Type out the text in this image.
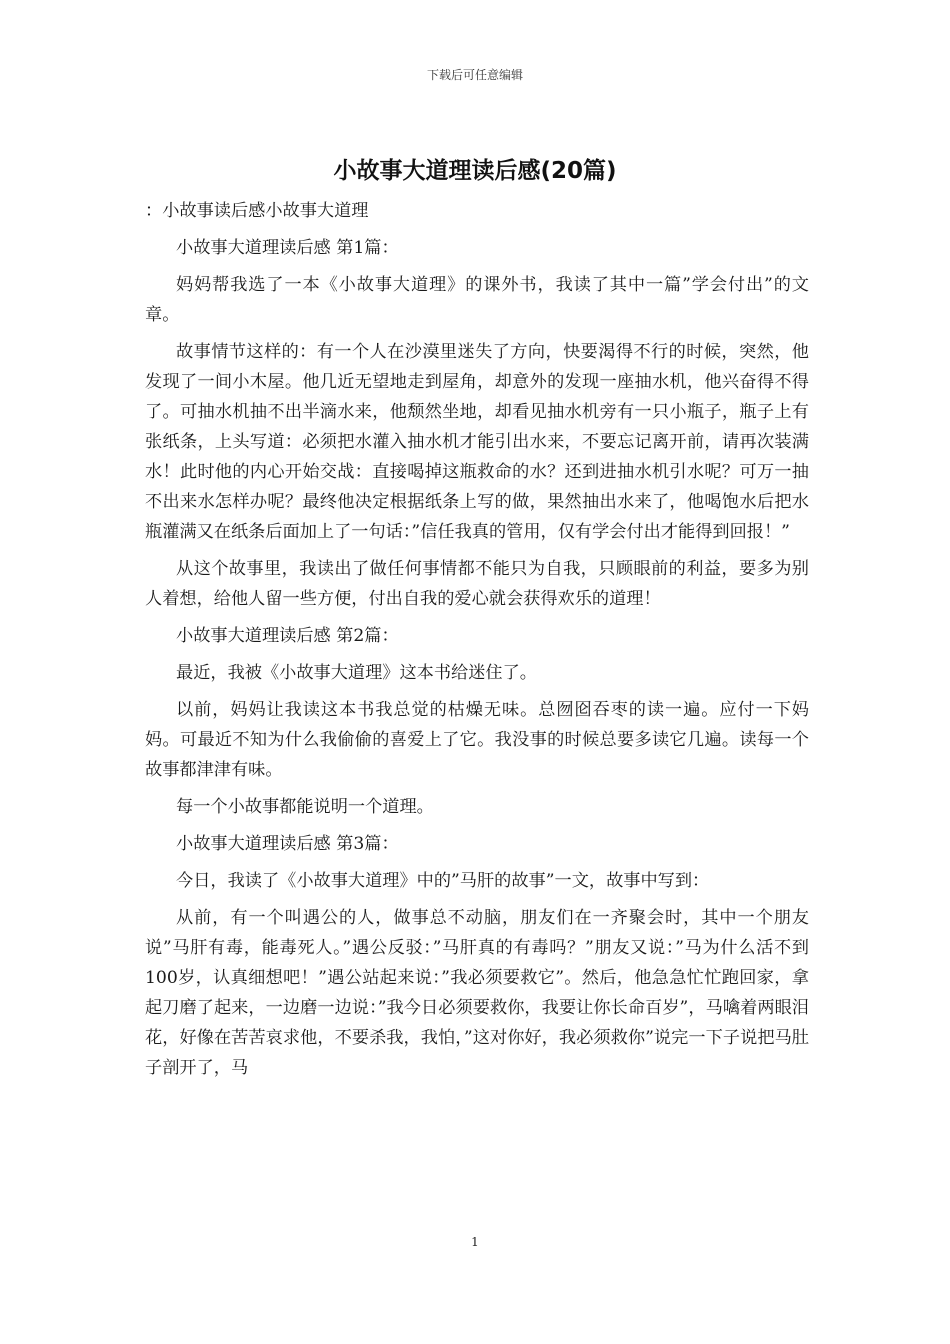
下载后可任意编辑
小故事大道理读后感(20篇)

：小故事读后感小故事大道理

小故事大道理读后感 第1篇：

妈妈帮我选了一本《小故事大道理》的课外书，我读了其中一篇”学会付出”的文章。

故事情节这样的：有一个人在沙漠里迷失了方向，快要渴得不行的时候，突然，他发现了一间小木屋。他几近无望地走到屋角，却意外的发现一座抽水机，他兴奋得不得了。可抽水机抽不出半滴水来，他颓然坐地，却看见抽水机旁有一只小瓶子，瓶子上有张纸条，上头写道：必须把水灌入抽水机才能引出水来，不要忘记离开前，请再次装满水！此时他的内心开始交战：直接喝掉这瓶救命的水？还到进抽水机引水呢？可万一抽不出来水怎样办呢？最终他决定根据纸条上写的做，果然抽出水来了，他喝饱水后把水瓶灌满又在纸条后面加上了一句话：”信任我真的管用，仅有学会付出才能得到回报！”

从这个故事里，我读出了做任何事情都不能只为自我，只顾眼前的利益，要多为别人着想，给他人留一些方便，付出自我的爱心就会获得欢乐的道理！

小故事大道理读后感 第2篇：

最近，我被《小故事大道理》这本书给迷住了。

以前，妈妈让我读这本书我总觉的枯燥无味。总囫囵吞枣的读一遍。应付一下妈妈。可最近不知为什么我偷偷的喜爱上了它。我没事的时候总要多读它几遍。读每一个故事都津津有味。

每一个小故事都能说明一个道理。

小故事大道理读后感 第3篇：

今日，我读了《小故事大道理》中的”马肝的故事”一文，故事中写到：

从前，有一个叫遇公的人，做事总不动脑，朋友们在一齐聚会时，其中一个朋友说”马肝有毒，能毒死人。”遇公反驳：”马肝真的有毒吗？”朋友又说：”马为什么活不到100岁，认真细想吧！”遇公站起来说：”我必须要救它”。然后，他急急忙忙跑回家，拿起刀磨了起来，一边磨一边说：”我今日必须要救你，我要让你长命百岁”，马噙着两眼泪花，好像在苦苦哀求他，不要杀我，我怕，”这对你好，我必须救你”说完一下子说把马肚子剖开了，马

1
